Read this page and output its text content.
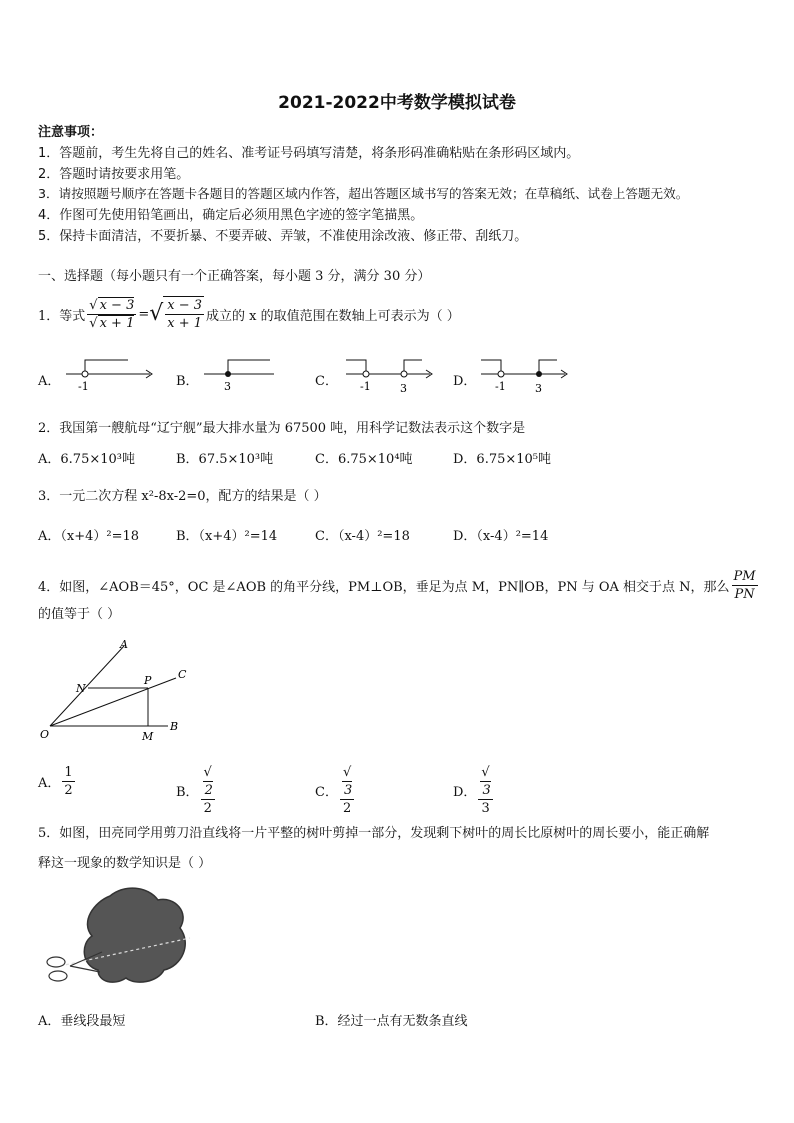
2021-2022中考数学模拟试卷
注意事项：
1．答题前，考生先将自己的姓名、准考证号码填写清楚，将条形码准确粘贴在条形码区域内。
2．答题时请按要求用笔。
3．请按照题号顺序在答题卡各题目的答题区域内作答，超出答题区域书写的答案无效；在草稿纸、试卷上答题无效。
4．作图可先使用铅笔画出，确定后必须用黑色字迹的签字笔描黑。
5．保持卡面清洁，不要折暴、不要弄破、弄皱，不准使用涂改液、修正带、刮纸刀。
一、选择题（每小题只有一个正确答案，每小题 3 分，满分 30 分）
1．等式 $\frac{√ x - 3}{√ x + 1}$ = √ $\frac{x - 3}{x + 1}$ 成立的 x 的取值范围在数轴上可表示为（ ）
A．	B．	C．	D．
-1	3	-1	3	-1	3
2．我国第一艘航母“辽宁舰”最大排水量为 67500 吨，用科学记数法表示这个数字是
A．6.75×10³吨	B．67.5×10³吨	C．6.75×10⁴吨	D．6.75×10⁵吨
3．一元二次方程 x²-8x-2=0，配方的结果是（ ）
A．（x+4）²=18	B．（x+4）²=14	C．（x-4）²=18	D．（x-4）²=14
4．如图，∠AOB＝45°，OC 是∠AOB 的角平分线，PM⊥OB，垂足为点 M，PN∥OB，PN 与 OA 相交于点 N，那么 $\frac{PM}{PN}$
的值等于（ ）
A
C
N
P
O	M
B
A． $\frac{1}{2}$	B． √
2
2	C． √
3
2	D． √
3
3
5．如图，田亮同学用剪刀沿直线将一片平整的树叶剪掉一部分，发现剩下树叶的周长比原树叶的周长要小，能正确解
释这一现象的数学知识是（ ）
A．垂线段最短	B．经过一点有无数条直线
